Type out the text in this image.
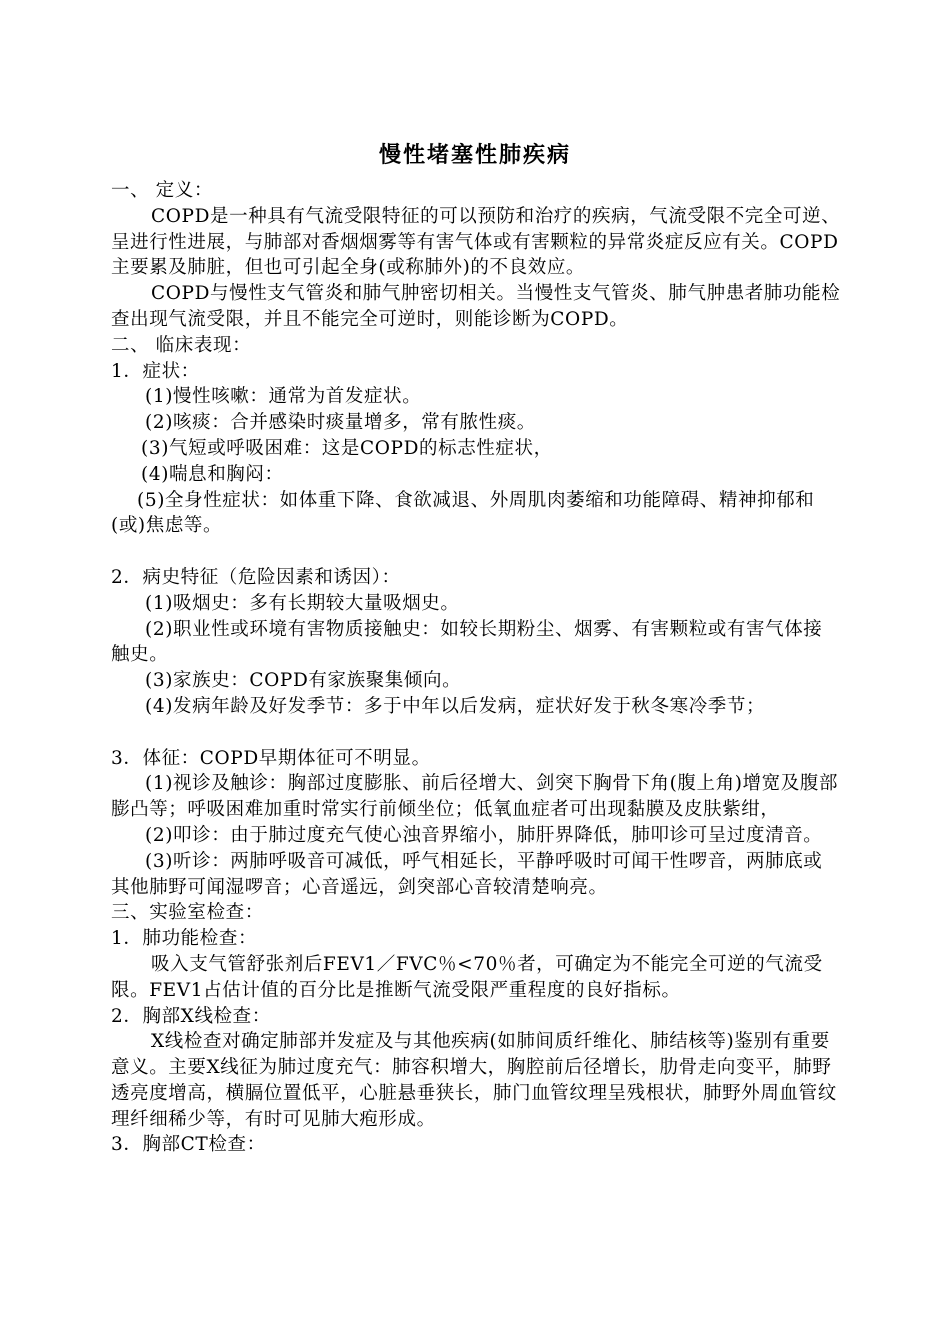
慢性堵塞性肺疾病

一、 定义：

COPD是一种具有气流受限特征的可以预防和治疗的疾病，气流受限不完全可逆、呈进行性进展，与肺部对香烟烟雾等有害气体或有害颗粒的异常炎症反应有关。COPD主要累及肺脏，但也可引起全身(或称肺外)的不良效应。

COPD与慢性支气管炎和肺气肿密切相关。当慢性支气管炎、肺气肿患者肺功能检查出现气流受限，并且不能完全可逆时，则能诊断为COPD。

二、 临床表现：

1．症状：

(1)慢性咳嗽：通常为首发症状。

(2)咳痰：合并感染时痰量增多，常有脓性痰。

(3)气短或呼吸困难：这是COPD的标志性症状，

(4)喘息和胸闷：

(5)全身性症状：如体重下降、食欲减退、外周肌肉萎缩和功能障碍、精神抑郁和(或)焦虑等。

2．病史特征（危险因素和诱因）：

(1)吸烟史：多有长期较大量吸烟史。

(2)职业性或环境有害物质接触史：如较长期粉尘、烟雾、有害颗粒或有害气体接触史。

(3)家族史：COPD有家族聚集倾向。

(4)发病年龄及好发季节：多于中年以后发病，症状好发于秋冬寒冷季节；

3．体征：COPD早期体征可不明显。

(1)视诊及触诊：胸部过度膨胀、前后径增大、剑突下胸骨下角(腹上角)增宽及腹部膨凸等；呼吸困难加重时常实行前倾坐位；低氧血症者可出现黏膜及皮肤紫绀，

(2)叩诊：由于肺过度充气使心浊音界缩小，肺肝界降低，肺叩诊可呈过度清音。

(3)听诊：两肺呼吸音可减低，呼气相延长，平静呼吸时可闻干性啰音，两肺底或其他肺野可闻湿啰音；心音遥远，剑突部心音较清楚响亮。

三、实验室检查：

1．肺功能检查：

吸入支气管舒张剂后FEV1／FVC％<70％者，可确定为不能完全可逆的气流受限。FEV1占估计值的百分比是推断气流受限严重程度的良好指标。

2．胸部X线检查：

X线检查对确定肺部并发症及与其他疾病(如肺间质纤维化、肺结核等)鉴别有重要意义。主要X线征为肺过度充气：肺容积增大，胸腔前后径增长，肋骨走向变平，肺野透亮度增高，横膈位置低平，心脏悬垂狭长，肺门血管纹理呈残根状，肺野外周血管纹理纤细稀少等，有时可见肺大疱形成。

3．胸部CT检查：
